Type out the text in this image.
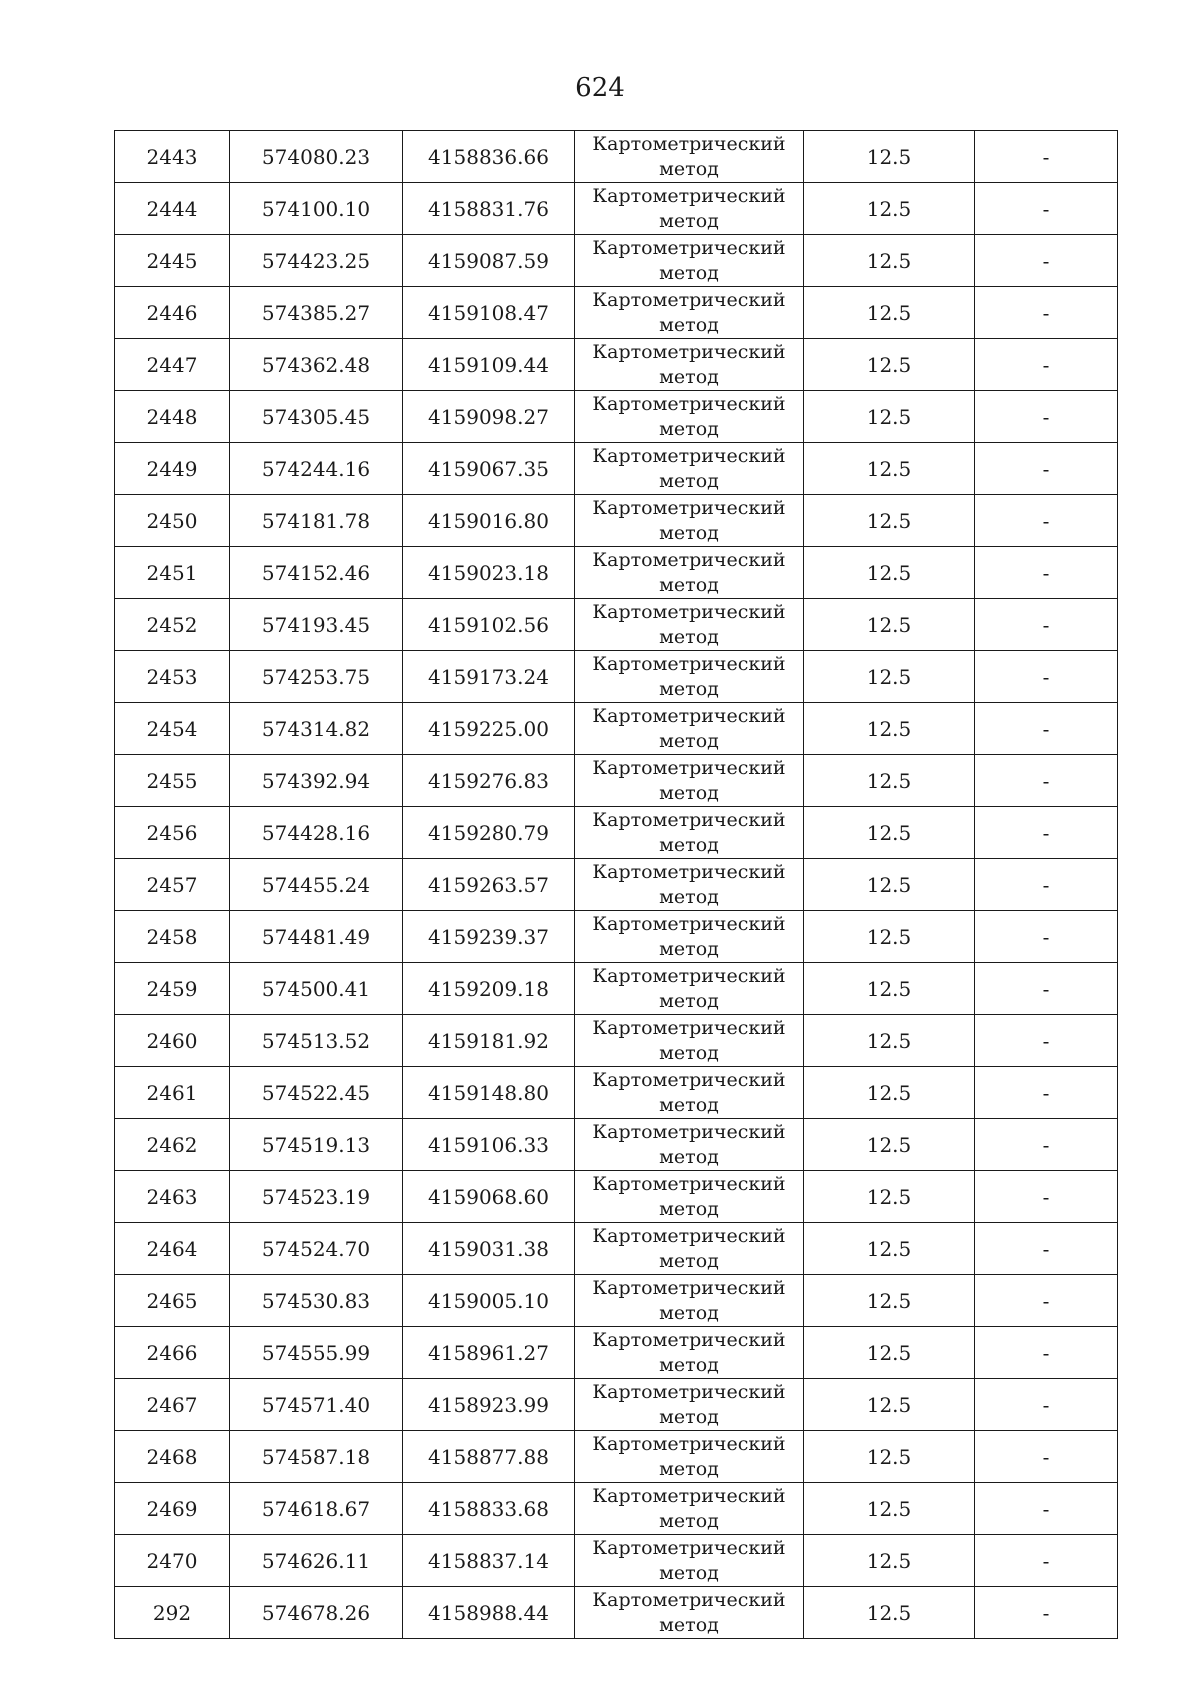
624
2443	574080.23	4158836.66	Картометрический
метод	12.5	-
2444	574100.10	4158831.76	Картометрический
метод	12.5	-
2445	574423.25	4159087.59	Картометрический
метод	12.5	-
2446	574385.27	4159108.47	Картометрический
метод	12.5	-
2447	574362.48	4159109.44	Картометрический
метод	12.5	-
2448	574305.45	4159098.27	Картометрический
метод	12.5	-
2449	574244.16	4159067.35	Картометрический
метод	12.5	-
2450	574181.78	4159016.80	Картометрический
метод	12.5	-
2451	574152.46	4159023.18	Картометрический
метод	12.5	-
2452	574193.45	4159102.56	Картометрический
метод	12.5	-
2453	574253.75	4159173.24	Картометрический
метод	12.5	-
2454	574314.82	4159225.00	Картометрический
метод	12.5	-
2455	574392.94	4159276.83	Картометрический
метод	12.5	-
2456	574428.16	4159280.79	Картометрический
метод	12.5	-
2457	574455.24	4159263.57	Картометрический
метод	12.5	-
2458	574481.49	4159239.37	Картометрический
метод	12.5	-
2459	574500.41	4159209.18	Картометрический
метод	12.5	-
2460	574513.52	4159181.92	Картометрический
метод	12.5	-
2461	574522.45	4159148.80	Картометрический
метод	12.5	-
2462	574519.13	4159106.33	Картометрический
метод	12.5	-
2463	574523.19	4159068.60	Картометрический
метод	12.5	-
2464	574524.70	4159031.38	Картометрический
метод	12.5	-
2465	574530.83	4159005.10	Картометрический
метод	12.5	-
2466	574555.99	4158961.27	Картометрический
метод	12.5	-
2467	574571.40	4158923.99	Картометрический
метод	12.5	-
2468	574587.18	4158877.88	Картометрический
метод	12.5	-
2469	574618.67	4158833.68	Картометрический
метод	12.5	-
2470	574626.11	4158837.14	Картометрический
метод	12.5	-
292	574678.26	4158988.44	Картометрический
метод	12.5	-
